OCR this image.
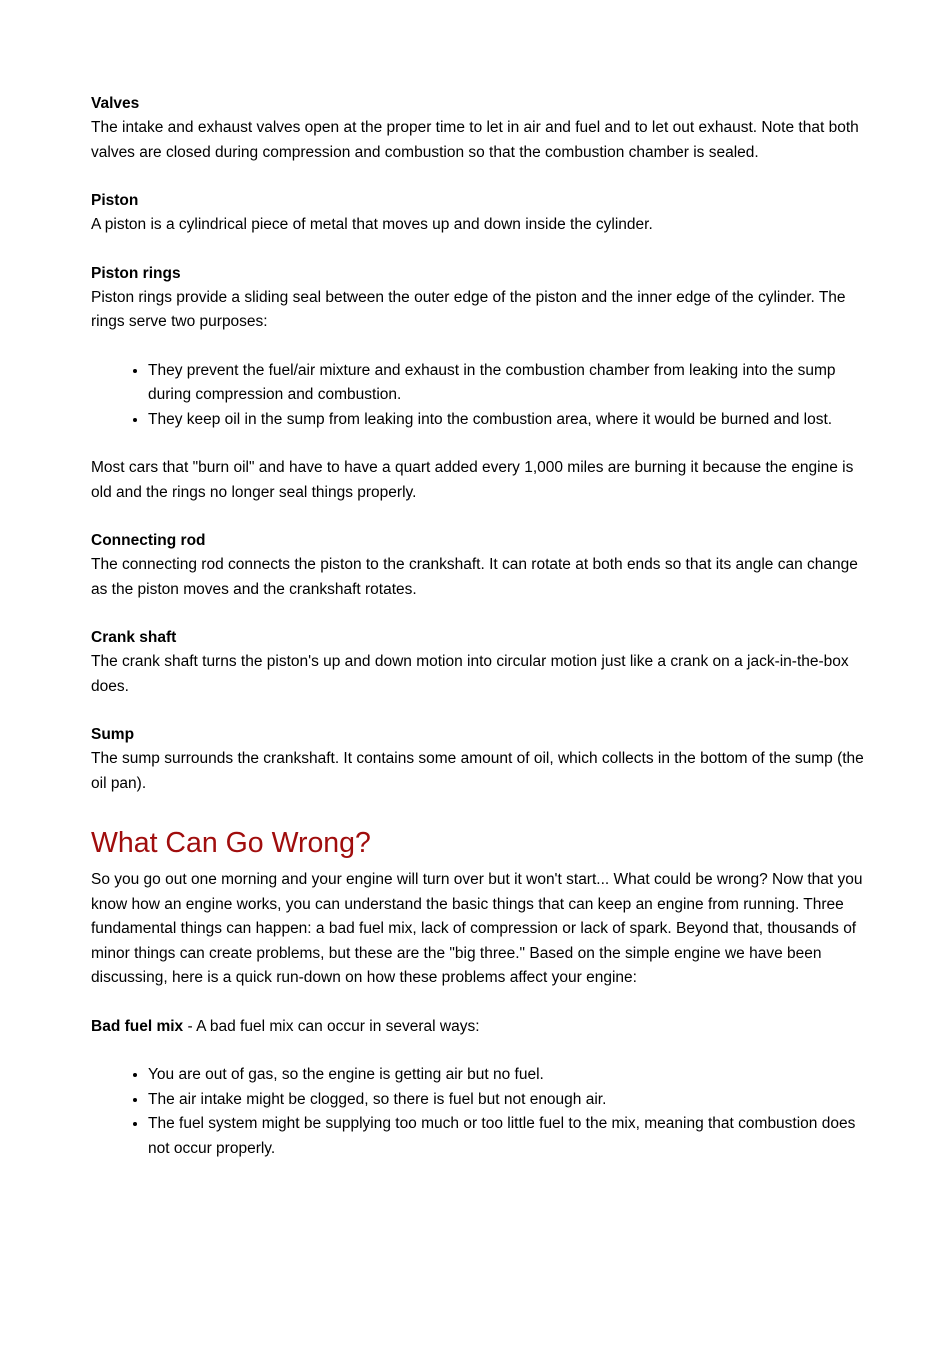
Valves

The intake and exhaust valves open at the proper time to let in air and fuel and to let out exhaust. Note that both valves are closed during compression and combustion so that the combustion chamber is sealed.

Piston

A piston is a cylindrical piece of metal that moves up and down inside the cylinder.

Piston rings

Piston rings provide a sliding seal between the outer edge of the piston and the inner edge of the cylinder. The rings serve two purposes:

• They prevent the fuel/air mixture and exhaust in the combustion chamber from leaking into the sump during compression and combustion.
• They keep oil in the sump from leaking into the combustion area, where it would be burned and lost.

Most cars that "burn oil" and have to have a quart added every 1,000 miles are burning it because the engine is old and the rings no longer seal things properly.

Connecting rod

The connecting rod connects the piston to the crankshaft. It can rotate at both ends so that its angle can change as the piston moves and the crankshaft rotates.

Crank shaft

The crank shaft turns the piston's up and down motion into circular motion just like a crank on a jack-in-the-box does.

Sump

The sump surrounds the crankshaft. It contains some amount of oil, which collects in the bottom of the sump (the oil pan).

What Can Go Wrong?

So you go out one morning and your engine will turn over but it won't start... What could be wrong? Now that you know how an engine works, you can understand the basic things that can keep an engine from running. Three fundamental things can happen: a bad fuel mix, lack of compression or lack of spark. Beyond that, thousands of minor things can create problems, but these are the "big three." Based on the simple engine we have been discussing, here is a quick run-down on how these problems affect your engine:

Bad fuel mix - A bad fuel mix can occur in several ways:

• You are out of gas, so the engine is getting air but no fuel.
• The air intake might be clogged, so there is fuel but not enough air.
• The fuel system might be supplying too much or too little fuel to the mix, meaning that combustion does not occur properly.
